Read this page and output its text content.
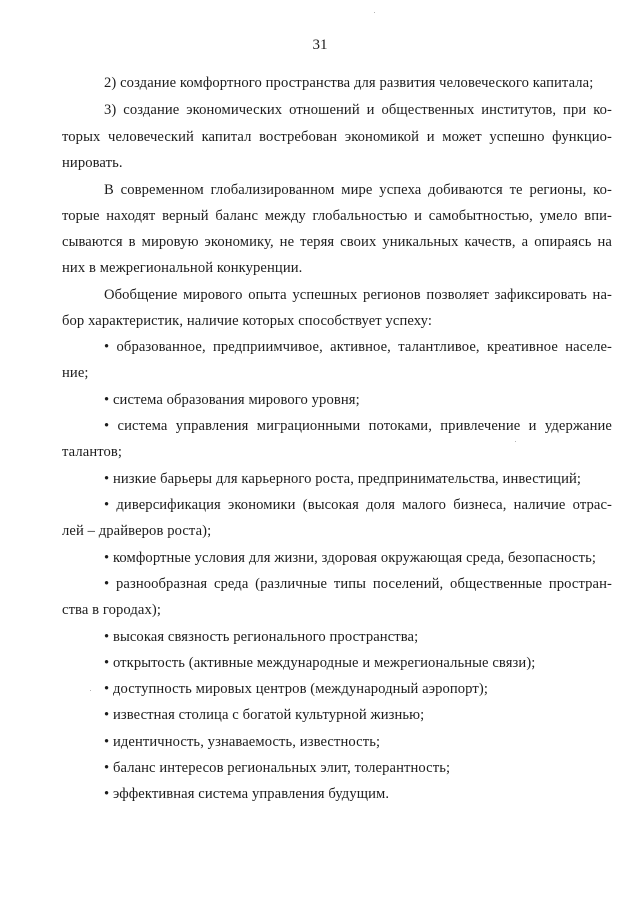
31
2) создание комфортного пространства для развития человеческого капитала;
3) создание экономических отношений и общественных институтов, при ко-
торых человеческий капитал востребован экономикой и может успешно функцио-
нировать.
В современном глобализированном мире успеха добиваются те регионы, ко-
торые находят верный баланс между глобальностью и самобытностью, умело впи-
сываются в мировую экономику, не теряя своих уникальных качеств, а опираясь на
них в межрегиональной конкуренции.
Обобщение мирового опыта успешных регионов позволяет зафиксировать на-
бор характеристик, наличие которых способствует успеху:
• образованное, предприимчивое, активное, талантливое, креативное населе-
ние;
• система образования мирового уровня;
• система управления миграционными потоками, привлечение и удержание
талантов;
• низкие барьеры для карьерного роста, предпринимательства, инвестиций;
• диверсификация экономики (высокая доля малого бизнеса, наличие отрас-
лей – драйверов роста);
• комфортные условия для жизни, здоровая окружающая среда, безопасность;
• разнообразная среда (различные типы поселений, общественные простран-
ства в городах);
• высокая связность регионального пространства;
• открытость (активные международные и межрегиональные связи);
• доступность мировых центров (международный аэропорт);
• известная столица с богатой культурной жизнью;
• идентичность, узнаваемость, известность;
• баланс интересов региональных элит, толерантность;
• эффективная система управления будущим.
